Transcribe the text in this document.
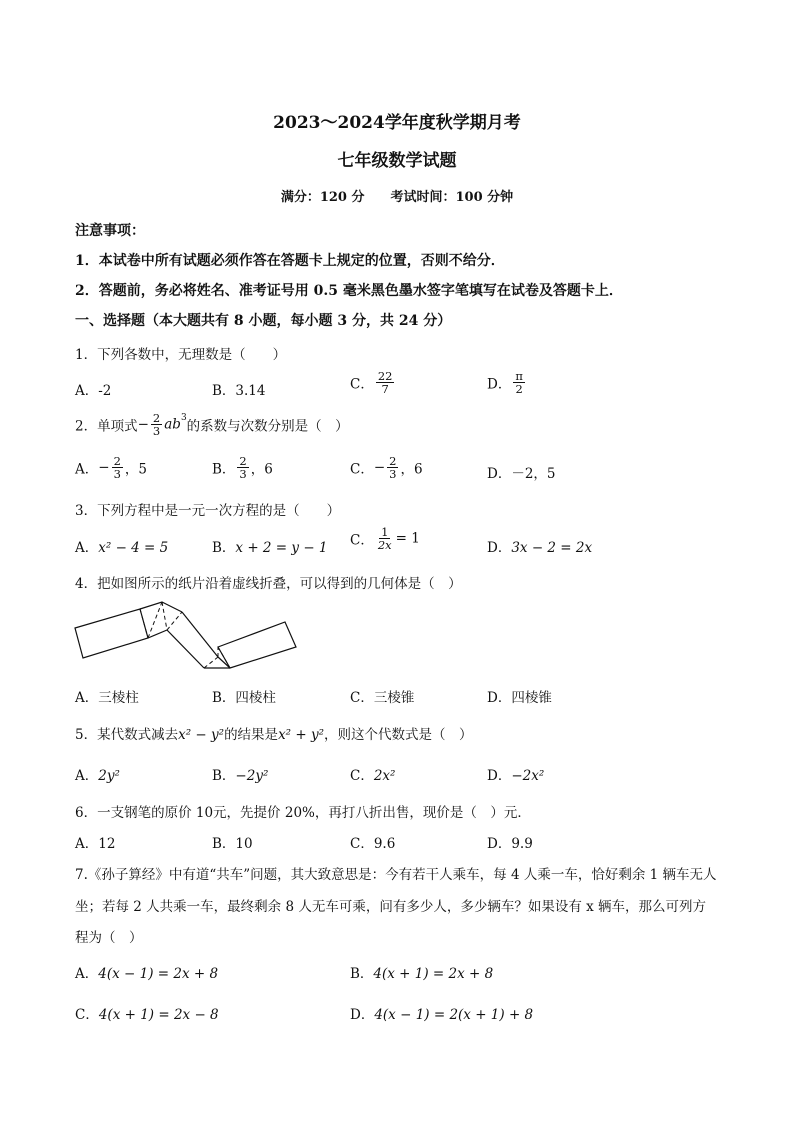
2023～2024学年度秋学期月考
七年级数学试题
满分：120 分　　考试时间：100 分钟
注意事项：
1．本试卷中所有试题必须作答在答题卡上规定的位置，否则不给分．
2．答题前，务必将姓名、准考证号用 0.5 毫米黑色墨水签字笔填写在试卷及答题卡上．
一、选择题（本大题共有 8 小题，每小题 3 分，共 24 分）
1．下列各数中，无理数是（　　）
A．-2	B．3.14	C． $\frac{22}{7}$	D． $\frac{\pi}{2}$
2．单项式− $\frac{2}{3} ab^3$的系数与次数分别是（　）
A．− $\frac{2}{3}$ ，5	B． $\frac{2}{3}$ ，6	C．− $\frac{2}{3}$ ，6	D．－2，5
3．下列方程中是一元一次方程的是（　　）
A．x² − 4 = 5	B．x + 2 = y − 1 C． $\frac{1}{2x} = 1$
D．3x − 2 = 2x
4．把如图所示的纸片沿着虚线折叠，可以得到的几何体是（　）
A．三棱柱	B．四棱柱	C．三棱锥	D．四棱锥
5．某代数式减去x² − y²的结果是x² + y²，则这个代数式是（　）
A．2y²	B．−2y²	C．2x²	D．−2x²
6．一支钢笔的原价 10元，先提价 20%，再打八折出售，现价是（　）元．
A．12	B．10	C．9.6	D．9.9
7.《孙子算经》中有道“共车”问题，其大致意思是：今有若干人乘车，每 4 人乘一车，恰好剩余 1 辆车无人
坐；若每 2 人共乘一车，最终剩余 8 人无车可乘，问有多少人，多少辆车？如果设有 x 辆车，那么可列方
程为（　）
A．4(x − 1) = 2x + 8	B．4(x + 1) = 2x + 8
C．4(x + 1) = 2x − 8	D．4(x − 1) = 2(x + 1) + 8
